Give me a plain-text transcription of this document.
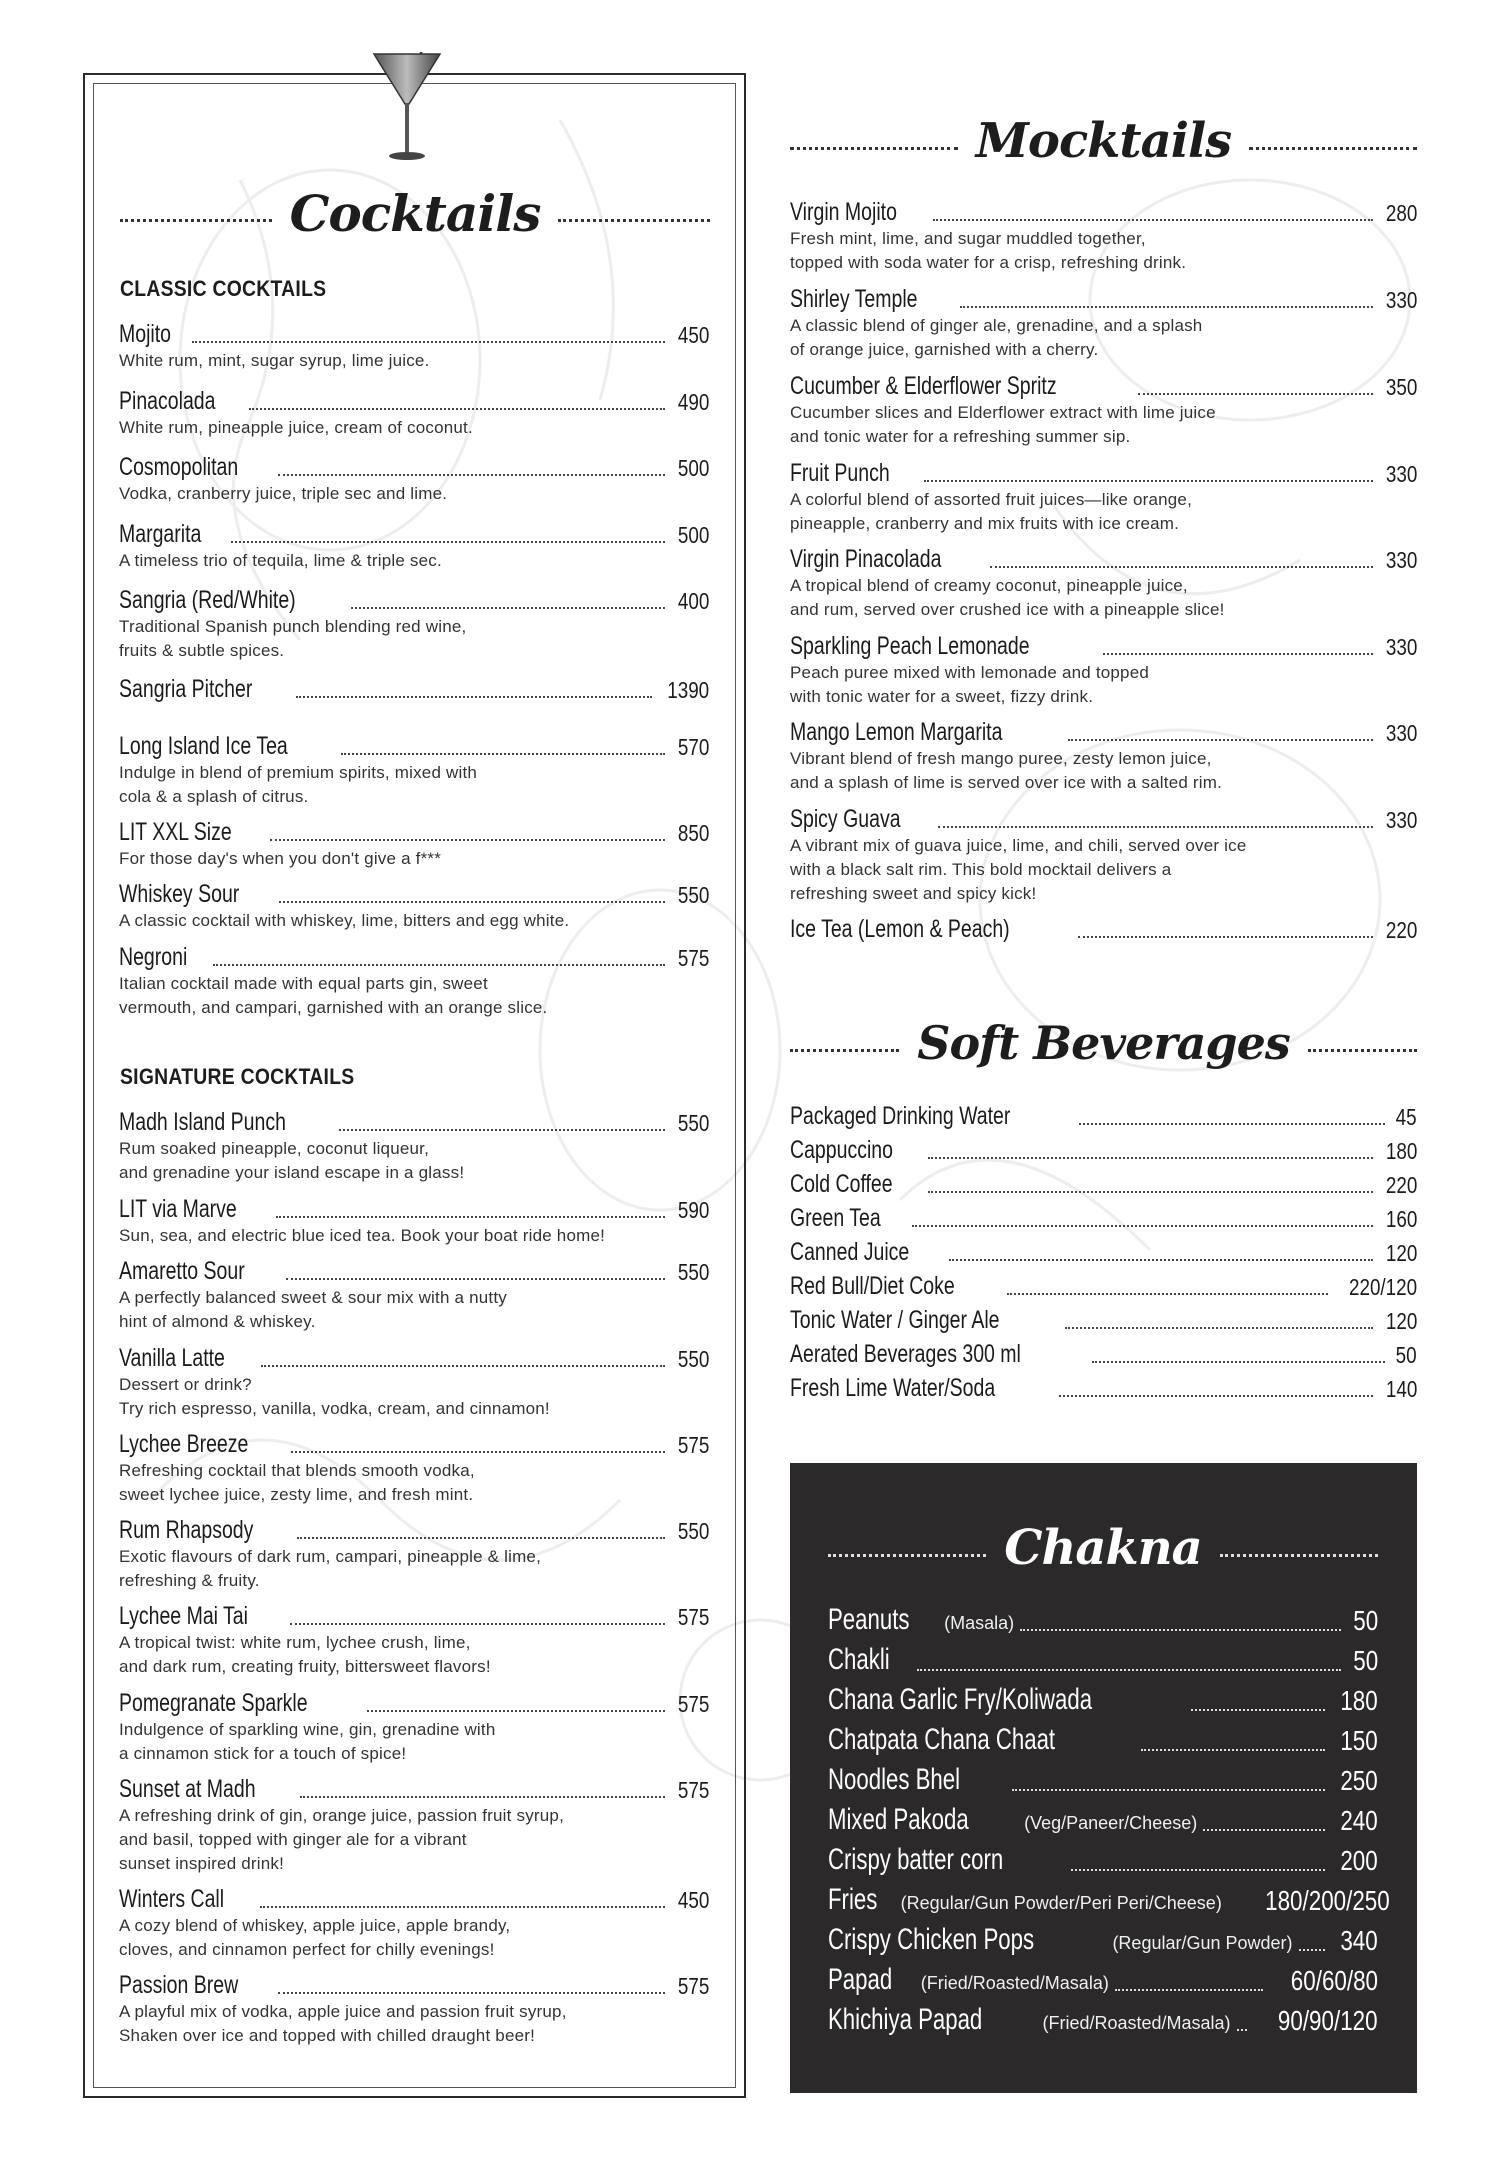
Cocktails
CLASSIC COCKTAILS
Mojito	450
White rum, mint, sugar syrup, lime juice.
Pinacolada	490
White rum, pineapple juice, cream of coconut.
Cosmopolitan	500
Vodka, cranberry juice, triple sec and lime.
Margarita	500
A timeless trio of tequila, lime & triple sec.
Sangria (Red/White)	400
Traditional Spanish punch blending red wine,
fruits & subtle spices.
Sangria Pitcher	1390
Long Island Ice Tea	570
Indulge in blend of premium spirits, mixed with
cola & a splash of citrus.
LIT XXL Size	850
For those day's when you don't give a f***
Whiskey Sour	550
A classic cocktail with whiskey, lime, bitters and egg white.
Negroni	575
Italian cocktail made with equal parts gin, sweet
vermouth, and campari, garnished with an orange slice.
SIGNATURE COCKTAILS
Madh Island Punch	550
Rum soaked pineapple, coconut liqueur,
and grenadine your island escape in a glass!
LIT via Marve	590
Sun, sea, and electric blue iced tea. Book your boat ride home!
Amaretto Sour	550
A perfectly balanced sweet & sour mix with a nutty
hint of almond & whiskey.
Vanilla Latte	550
Dessert or drink?
Try rich espresso, vanilla, vodka, cream, and cinnamon!
Lychee Breeze	575
Refreshing cocktail that blends smooth vodka,
sweet lychee juice, zesty lime, and fresh mint.
Rum Rhapsody	550
Exotic flavours of dark rum, campari, pineapple & lime,
refreshing & fruity.
Lychee Mai Tai	575
A tropical twist: white rum, lychee crush, lime,
and dark rum, creating fruity, bittersweet flavors!
Pomegranate Sparkle	575
Indulgence of sparkling wine, gin, grenadine with
a cinnamon stick for a touch of spice!
Sunset at Madh	575
A refreshing drink of gin, orange juice, passion fruit syrup,
and basil, topped with ginger ale for a vibrant
sunset inspired drink!
Winters Call	450
A cozy blend of whiskey, apple juice, apple brandy,
cloves, and cinnamon perfect for chilly evenings!
Passion Brew	575
A playful mix of vodka, apple juice and passion fruit syrup,
Shaken over ice and topped with chilled draught beer!
Mocktails
Virgin Mojito	280
Fresh mint, lime, and sugar muddled together,
topped with soda water for a crisp, refreshing drink.
Shirley Temple	330
A classic blend of ginger ale, grenadine, and a splash
of orange juice, garnished with a cherry.
Cucumber & Elderflower Spritz	350
Cucumber slices and Elderflower extract with lime juice
and tonic water for a refreshing summer sip.
Fruit Punch	330
A colorful blend of assorted fruit juices—like orange,
pineapple, cranberry and mix fruits with ice cream.
Virgin Pinacolada	330
A tropical blend of creamy coconut, pineapple juice,
and rum, served over crushed ice with a pineapple slice!
Sparkling Peach Lemonade	330
Peach puree mixed with lemonade and topped
with tonic water for a sweet, fizzy drink.
Mango Lemon Margarita	330
Vibrant blend of fresh mango puree, zesty lemon juice,
and a splash of lime is served over ice with a salted rim.
Spicy Guava	330
A vibrant mix of guava juice, lime, and chili, served over ice
with a black salt rim. This bold mocktail delivers a
refreshing sweet and spicy kick!
Ice Tea (Lemon & Peach)	220
Soft Beverages
Packaged Drinking Water	45
Cappuccino	180
Cold Coffee	220
Green Tea	160
Canned Juice	120
Red Bull/Diet Coke	220/120
Tonic Water / Ginger Ale	120
Aerated Beverages 300 ml	50
Fresh Lime Water/Soda	140
Chakna
Peanuts (Masala)	50
Chakli	50
Chana Garlic Fry/Koliwada	180
Chatpata Chana Chaat	150
Noodles Bhel	250
Mixed Pakoda	(Veg/Paneer/Cheese)	240
Crispy batter corn	200
Fries (Regular/Gun Powder/Peri Peri/Cheese) 180/200/250
Crispy Chicken Pops	(Regular/Gun Powder) 340
Papad (Fried/Roasted/Masala)	60/60/80
Khichiya Papad	(Fried/Roasted/Masala) 90/90/120
